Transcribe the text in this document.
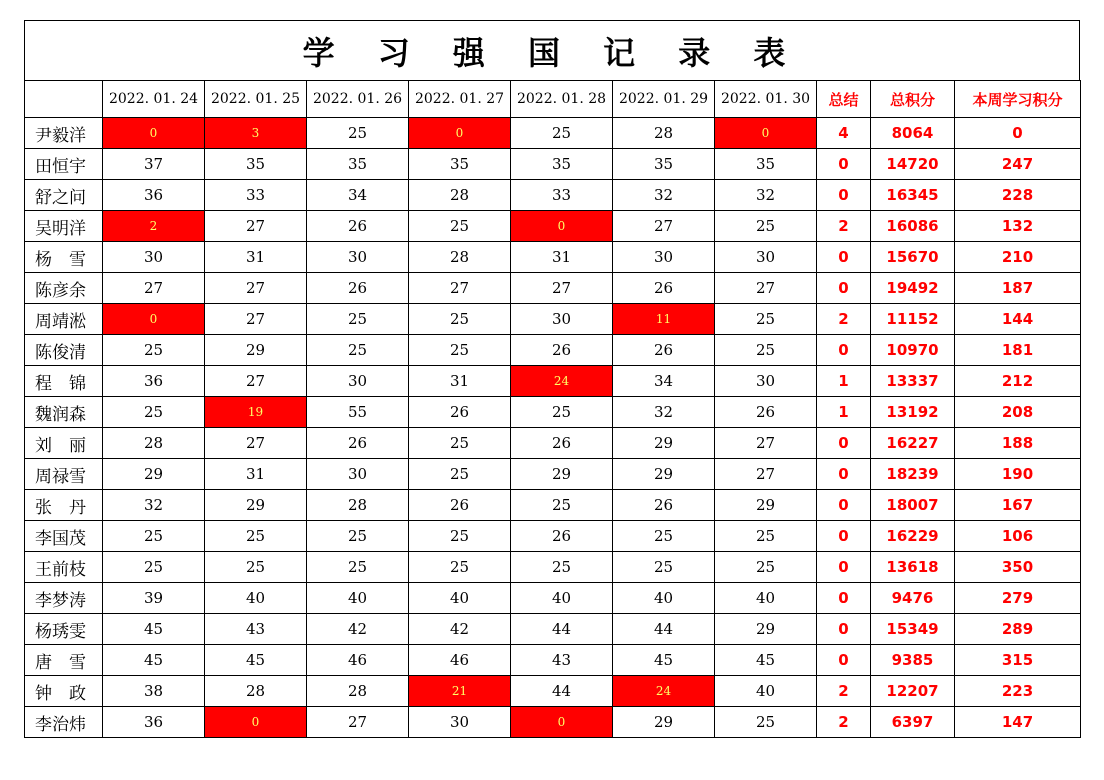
学 习 强 国 记 录 表
	2022. 01. 24	2022. 01. 25	2022. 01. 26	2022. 01. 27	2022. 01. 28	2022. 01. 29	2022. 01. 30	总结	总积分	本周学习积分
尹毅洋	0	3	25	0	25	28	0	4	8064	0
田恒宇	37	35	35	35	35	35	35	0	14720	247
舒之问	36	33	34	28	33	32	32	0	16345	228
吴明洋	2	27	26	25	0	27	25	2	16086	132
杨　雪	30	31	30	28	31	30	30	0	15670	210
陈彦余	27	27	26	27	27	26	27	0	19492	187
周靖淞	0	27	25	25	30	11	25	2	11152	144
陈俊清	25	29	25	25	26	26	25	0	10970	181
程　锦	36	27	30	31	24	34	30	1	13337	212
魏润森	25	19	55	26	25	32	26	1	13192	208
刘　丽	28	27	26	25	26	29	27	0	16227	188
周禄雪	29	31	30	25	29	29	27	0	18239	190
张　丹	32	29	28	26	25	26	29	0	18007	167
李国茂	25	25	25	25	26	25	25	0	16229	106
王前枝	25	25	25	25	25	25	25	0	13618	350
李梦涛	39	40	40	40	40	40	40	0	9476	279
杨琇雯	45	43	42	42	44	44	29	0	15349	289
唐　雪	45	45	46	46	43	45	45	0	9385	315
钟　政	38	28	28	21	44	24	40	2	12207	223
李治炜	36	0	27	30	0	29	25	2	6397	147
